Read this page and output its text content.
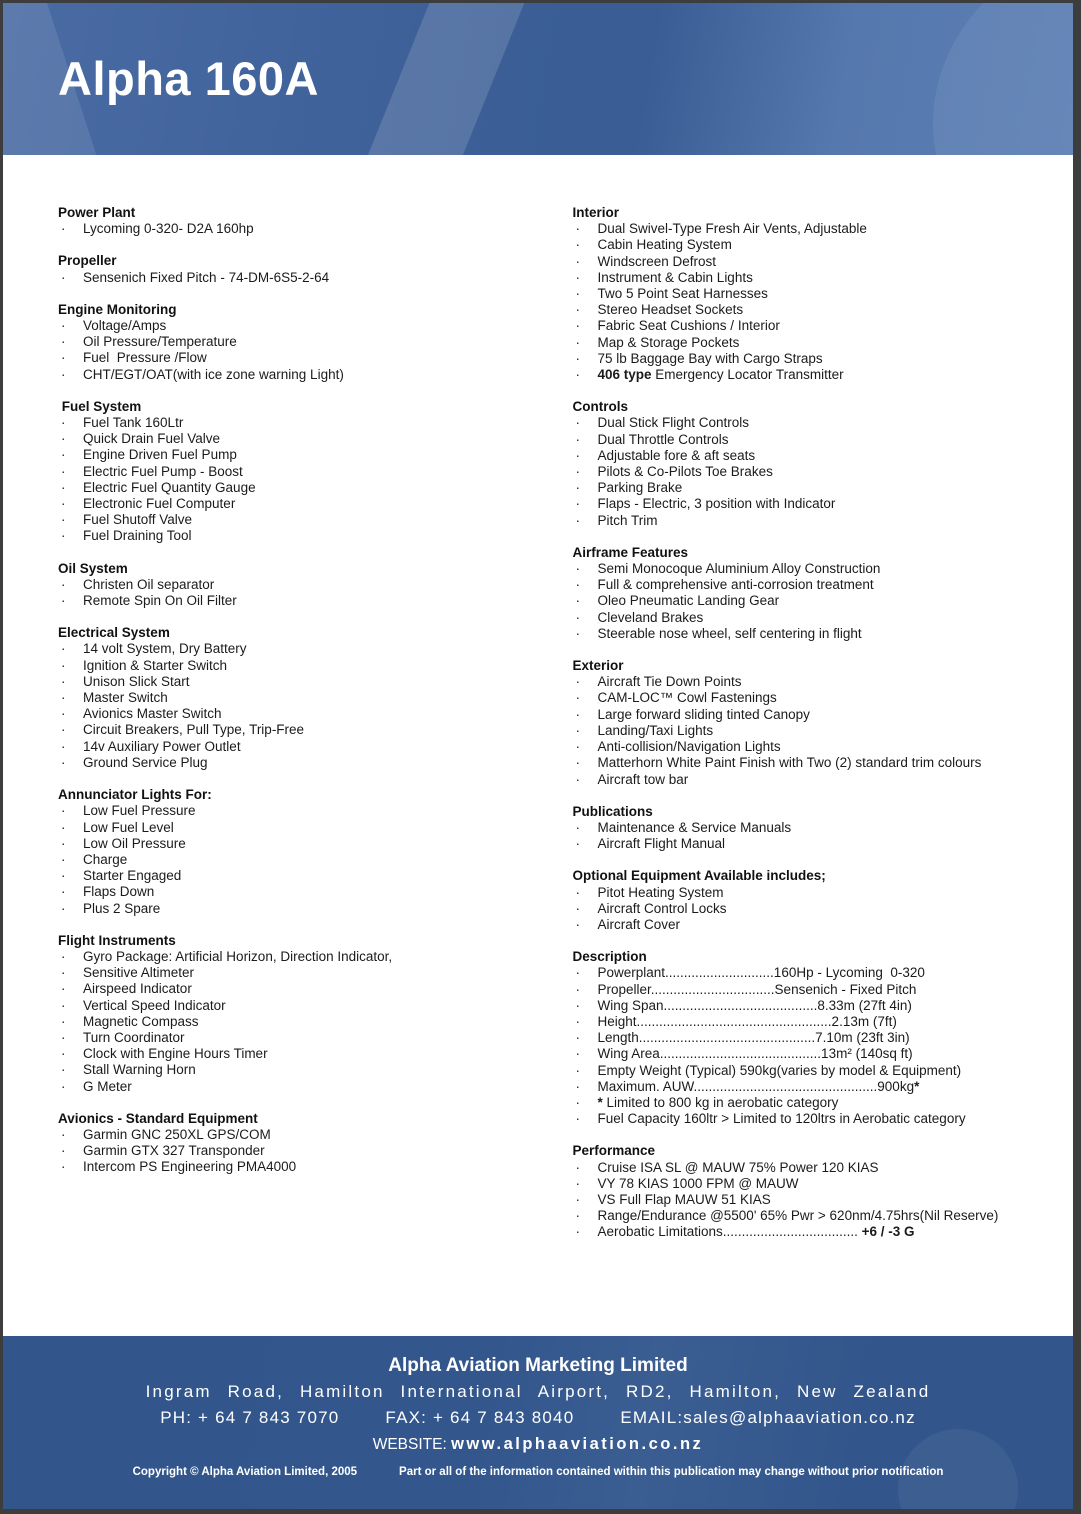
Alpha 160A
Power Plant
·	Lycoming 0-320- D2A 160hp
Propeller
·	Sensenich Fixed Pitch - 74-DM-6S5-2-64
Engine Monitoring
·	Voltage/Amps
·	Oil Pressure/Temperature
·	Fuel  Pressure /Flow
·	CHT/EGT/OAT(with ice zone warning Light)
Fuel System
·	Fuel Tank 160Ltr
·	Quick Drain Fuel Valve
·	Engine Driven Fuel Pump
·	Electric Fuel Pump - Boost
·	Electric Fuel Quantity Gauge
·	Electronic Fuel Computer
·	Fuel Shutoff Valve
·	Fuel Draining Tool
Oil System
·	Christen Oil separator
·	Remote Spin On Oil Filter
Electrical System
·	14 volt System, Dry Battery
·	Ignition & Starter Switch
·	Unison Slick Start
·	Master Switch
·	Avionics Master Switch
·	Circuit Breakers, Pull Type, Trip-Free
·	14v Auxiliary Power Outlet
·	Ground Service Plug
Annunciator Lights For:
·	Low Fuel Pressure
·	Low Fuel Level
·	Low Oil Pressure
·	Charge
·	Starter Engaged
·	Flaps Down
·	Plus 2 Spare
Flight Instruments
·	Gyro Package: Artificial Horizon, Direction Indicator,
·	Sensitive Altimeter
·	Airspeed Indicator
·	Vertical Speed Indicator
·	Magnetic Compass
·	Turn Coordinator
·	Clock with Engine Hours Timer
·	Stall Warning Horn
·	G Meter
Avionics - Standard Equipment
·	Garmin GNC 250XL GPS/COM
·	Garmin GTX 327 Transponder
·	Intercom PS Engineering PMA4000
Interior
·	Dual Swivel-Type Fresh Air Vents, Adjustable
·	Cabin Heating System
·	Windscreen Defrost
·	Instrument & Cabin Lights
·	Two 5 Point Seat Harnesses
·	Stereo Headset Sockets
·	Fabric Seat Cushions / Interior
·	Map & Storage Pockets
·	75 lb Baggage Bay with Cargo Straps
·	406 type Emergency Locator Transmitter
Controls
·	Dual Stick Flight Controls
·	Dual Throttle Controls
·	Adjustable fore & aft seats
·	Pilots & Co-Pilots Toe Brakes
·	Parking Brake
·	Flaps - Electric, 3 position with Indicator
·	Pitch Trim
Airframe Features
·	Semi Monocoque Aluminium Alloy Construction
·	Full & comprehensive anti-corrosion treatment
·	Oleo Pneumatic Landing Gear
·	Cleveland Brakes
·	Steerable nose wheel, self centering in flight
Exterior
·	Aircraft Tie Down Points
·	CAM-LOC™ Cowl Fastenings
·	Large forward sliding tinted Canopy
·	Landing/Taxi Lights
·	Anti-collision/Navigation Lights
·	Matterhorn White Paint Finish with Two (2) standard trim colours
·	Aircraft tow bar
Publications
·	Maintenance & Service Manuals
·	Aircraft Flight Manual
Optional Equipment Available includes;
·	Pitot Heating System
·	Aircraft Control Locks
·	Aircraft Cover
Description
·	Powerplant.............................160Hp - Lycoming  0-320
·	Propeller.................................Sensenich - Fixed Pitch
·	Wing Span.........................................8.33m (27ft 4in)
·	Height....................................................2.13m (7ft)
·	Length...............................................7.10m (23ft 3in)
·	Wing Area...........................................13m² (140sq ft)
·	Empty Weight (Typical) 590kg(varies by model & Equipment)
·	Maximum. AUW.................................................900kg*
·	* Limited to 800 kg in aerobatic category
·	Fuel Capacity 160ltr > Limited to 120ltrs in Aerobatic category
Performance
·	Cruise ISA SL @ MAUW 75% Power 120 KIAS
·	VY 78 KIAS 1000 FPM @ MAUW
·	VS Full Flap MAUW 51 KIAS
·	Range/Endurance @5500' 65% Pwr > 620nm/4.75hrs(Nil Reserve)
·	Aerobatic Limitations.................................... +6 / -3 G
Alpha Aviation Marketing Limited
Ingram Road, Hamilton International Airport, RD2, Hamilton, New Zealand
PH: + 64 7 843 7070	FAX: + 64 7 843 8040	EMAIL:sales@alphaaviation.co.nz
WEBSITE: www.alphaaviation.co.nz
Copyright © Alpha Aviation Limited, 2005	Part or all of the information contained within this publication may change without prior notification
